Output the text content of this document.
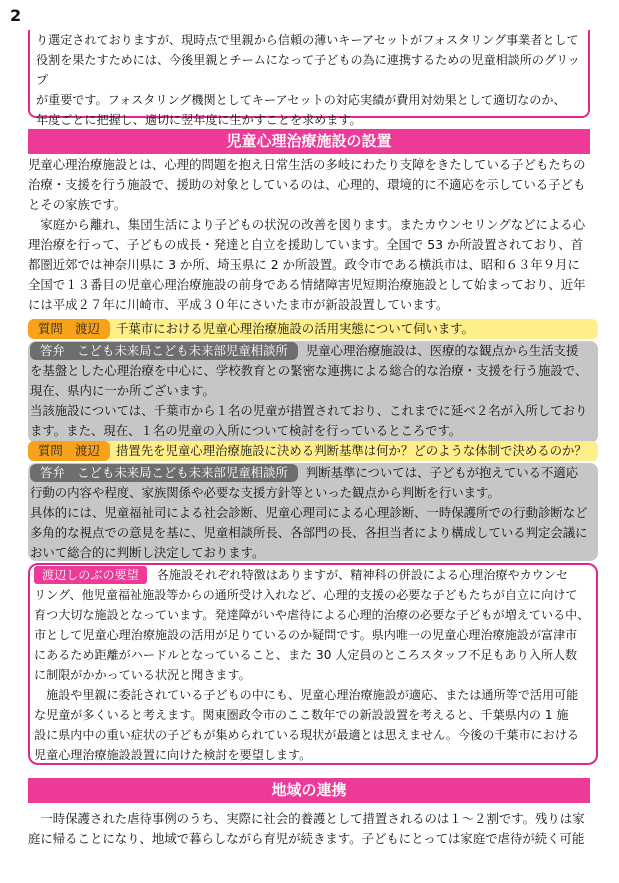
2
り選定されておりますが、現時点で里親から信頼の薄いキーアセットがフォスタリング事業者として
役割を果たすためには、今後里親とチームになって子どもの為に連携するための児童相談所のグリップ
が重要です。フォスタリング機関としてキーアセットの対応実績が費用対効果として適切なのか、
年度ごとに把握し、適切に翌年度に生かすことを求めます。
児童心理治療施設の設置

児童心理治療施設とは、心理的問題を抱え日常生活の多岐にわたり支障をきたしている子どもたちの

治療・支援を行う施設で、援助の対象としているのは、心理的、環境的に不適応を示している子ども

とその家族です。

家庭から離れ、集団生活により子どもの状況の改善を図ります。またカウンセリングなどによる心

理治療を行って、子どもの成長・発達と自立を援助しています。全国で 53 か所設置されており、首

都圏近郊では神奈川県に 3 か所、埼玉県に 2 か所設置。政令市である横浜市は、昭和６３年９月に

全国で１３番目の児童心理治療施設の前身である情緒障害児短期治療施設として始まっており、近年

には平成２７年に川崎市、平成３０年にさいたま市が新設設置しています。

質問　渡辺 千葉市における児童心理治療施設の活用実態について伺います。

答弁　こども未来局こども未来部児童相談所 児童心理治療施設は、医療的な観点から生活支援

を基盤とした心理治療を中心に、学校教育との緊密な連携による総合的な治療・支援を行う施設で、

現在、県内に一か所ございます。

当該施設については、千葉市から１名の児童が措置されており、これまでに延べ２名が入所しており

ます。また、現在、１名の児童の入所について検討を行っているところです。

質問　渡辺 措置先を児童心理治療施設に決める判断基準は何か？どのような体制で決めるのか？

答弁　こども未来局こども未来部児童相談所 判断基準については、子どもが抱えている不適応

行動の内容や程度、家族関係や必要な支援方針等といった観点から判断を行います。

具体的には、児童福祉司による社会診断、児童心理司による心理診断、一時保護所での行動診断など

多角的な視点での意見を基に、児童相談所長、各部門の長、各担当者により構成している判定会議に

おいて総合的に判断し決定しております。

渡辺しのぶの要望 各施設それぞれ特徴はありますが、精神科の併設による心理治療やカウンセ

リング、他児童福祉施設等からの通所受け入れなど、心理的支援の必要な子どもたちが自立に向けて

育つ大切な施設となっています。発達障がいや虐待による心理的治療の必要な子どもが増えている中、

市として児童心理治療施設の活用が足りているのか疑問です。県内唯一の児童心理治療施設が富津市

にあるため距離がハードルとなっていること、また 30 人定員のところスタッフ不足もあり入所人数

に制限がかかっている状況と聞きます。

施設や里親に委託されている子どもの中にも、児童心理治療施設が適応、または通所等で活用可能

な児童が多くいると考えます。関東圏政令市のここ数年での新設設置を考えると、千葉県内の 1 施

設に県内中の重い症状の子どもが集められている現状が最適とは思えません。今後の千葉市における

児童心理治療施設設置に向けた検討を要望します。

地域の連携

一時保護された虐待事例のうち、実際に社会的養護として措置されるのは１～２割です。残りは家

庭に帰ることになり、地域で暮らしながら育児が続きます。子どもにとっては家庭で虐待が続く可能
